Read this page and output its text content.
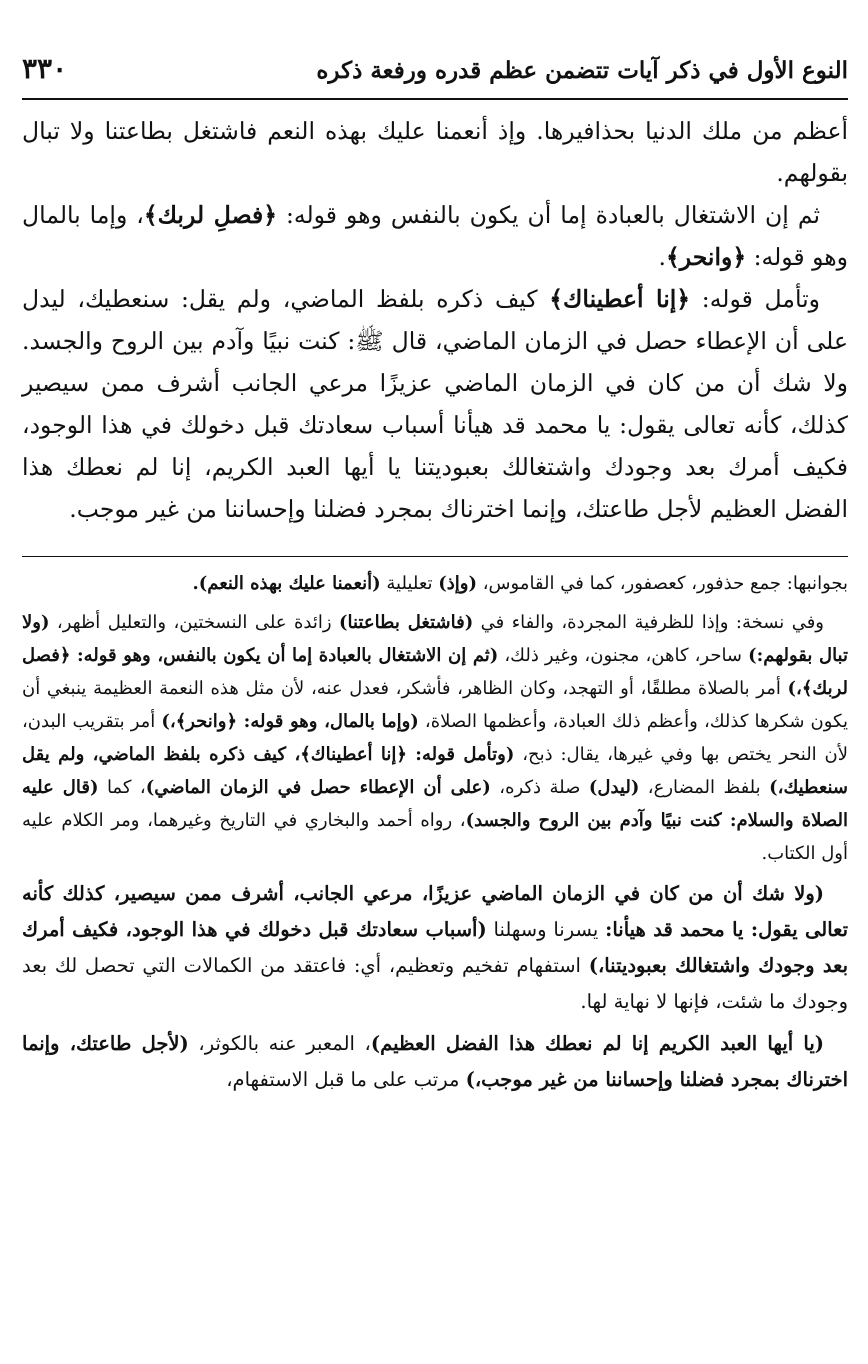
النوع الأول في ذكر آيات تتضمن عظم قدره ورفعة ذكره
٣٣٠

أعظم من ملك الدنيا بحذافيرها. وإذ أنعمنا عليك بهذه النعم فاشتغل بطاعتنا ولا تبال بقولهم.

ثم إن الاشتغال بالعبادة إما أن يكون بالنفس وهو قوله: ﴿فصلِ لربك﴾، وإما بالمال وهو قوله: ﴿وانحر﴾.

وتأمل قوله: ﴿إنا أعطيناك﴾ كيف ذكره بلفظ الماضي، ولم يقل: سنعطيك، ليدل على أن الإعطاء حصل في الزمان الماضي، قال ﷺ: كنت نبيًا وآدم بين الروح والجسد. ولا شك أن من كان في الزمان الماضي عزيزًا مرعي الجانب أشرف ممن سيصير كذلك، كأنه تعالى يقول: يا محمد قد هيأنا أسباب سعادتك قبل دخولك في هذا الوجود، فكيف أمرك بعد وجودك واشتغالك بعبوديتنا يا أيها العبد الكريم، إنا لم نعطك هذا الفضل العظيم لأجل طاعتك، وإنما اخترناك بمجرد فضلنا وإحساننا من غير موجب.

بجوانبها: جمع حذفور، كعصفور، كما في القاموس، (وإذ) تعليلية (أنعمنا عليك بهذه النعم).

وفي نسخة: وإذا للظرفية المجردة، والفاء في (فاشتغل بطاعتنا) زائدة على النسختين، والتعليل أظهر، (ولا تبال بقولهم:) ساحر، كاهن، مجنون، وغير ذلك، (ثم إن الاشتغال بالعبادة إما أن يكون بالنفس، وهو قوله: ﴿فصل لربك﴾،) أمر بالصلاة مطلقًا، أو التهجد، وكان الظاهر، فأشكر، فعدل عنه، لأن مثل هذه النعمة العظيمة ينبغي أن يكون شكرها كذلك، وأعظم ذلك العبادة، وأعظمها الصلاة، (وإما بالمال، وهو قوله: ﴿وانحر﴾،) أمر بتقريب البدن، لأن النحر يختص بها وفي غيرها، يقال: ذبح، (وتأمل قوله: ﴿إنا أعطيناك﴾، كيف ذكره بلفظ الماضي، ولم يقل سنعطيك،) بلفظ المضارع، (ليدل) صلة ذكره، (على أن الإعطاء حصل في الزمان الماضي)، كما (قال عليه الصلاة والسلام: كنت نبيًا وآدم بين الروح والجسد)، رواه أحمد والبخاري في التاريخ وغيرهما، ومر الكلام عليه أول الكتاب.

(ولا شك أن من كان في الزمان الماضي عزيزًا، مرعي الجانب، أشرف ممن سيصير، كذلك كأنه تعالى يقول: يا محمد قد هيأنا: يسرنا وسهلنا (أسباب سعادتك قبل دخولك في هذا الوجود، فكيف أمرك بعد وجودك واشتغالك بعبوديتنا،) استفهام تفخيم وتعظيم، أي: فاعتقد من الكمالات التي تحصل لك بعد وجودك ما شئت، فإنها لا نهاية لها.

(يا أيها العبد الكريم إنا لم نعطك هذا الفضل العظيم)، المعبر عنه بالكوثر، (لأجل طاعتك، وإنما اخترناك بمجرد فضلنا وإحساننا من غير موجب،) مرتب على ما قبل الاستفهام،
